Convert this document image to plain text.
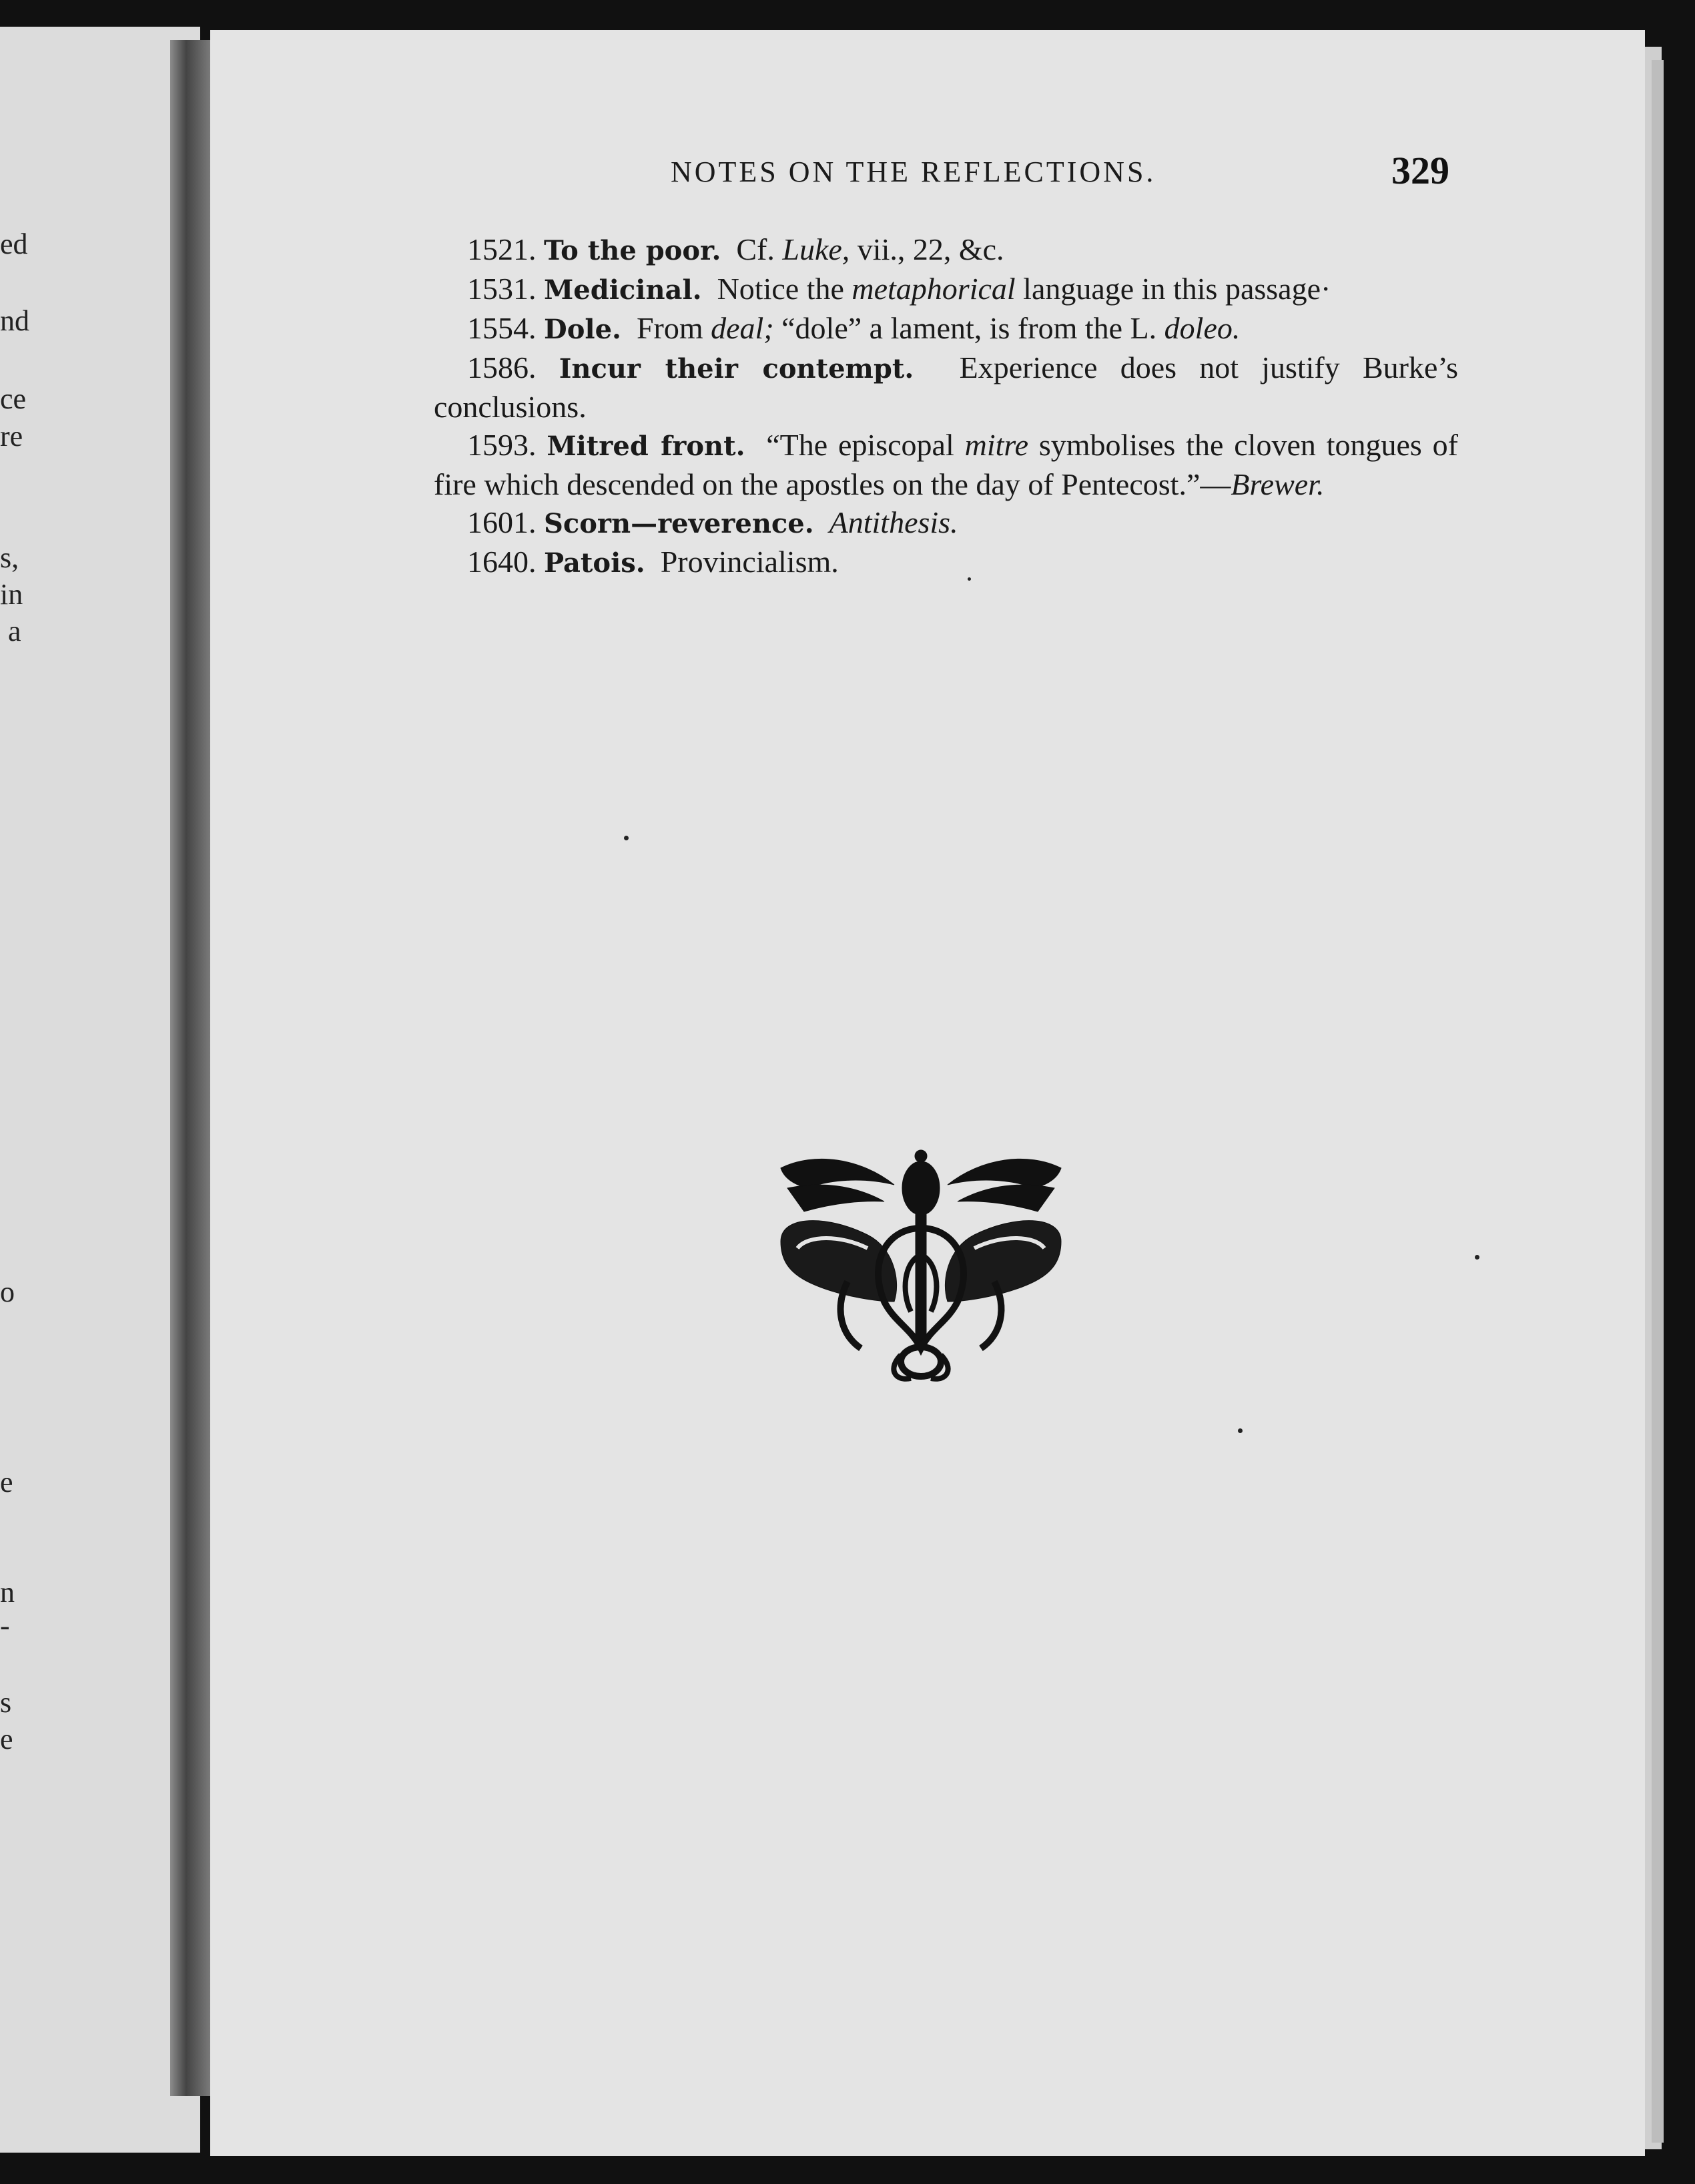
ed
nd
ce
re
s,
in
a
o
e
n
-
s
e
NOTES ON THE REFLECTIONS.	329

1521. To the poor. Cf. Luke, vii., 22, &c.

1531. Medicinal. Notice the metaphorical language in this passage·

1554. Dole. From deal; “dole” a lament, is from the L. doleo.

1586. Incur their contempt. Experience does not justify Burke’s conclusions.

1593. Mitred front. “The episcopal mitre symbolises the cloven tongues of fire which descended on the apostles on the day of Pentecost.”—Brewer.

1601. Scorn—reverence. Antithesis.

1640. Patois. Provincialism.
